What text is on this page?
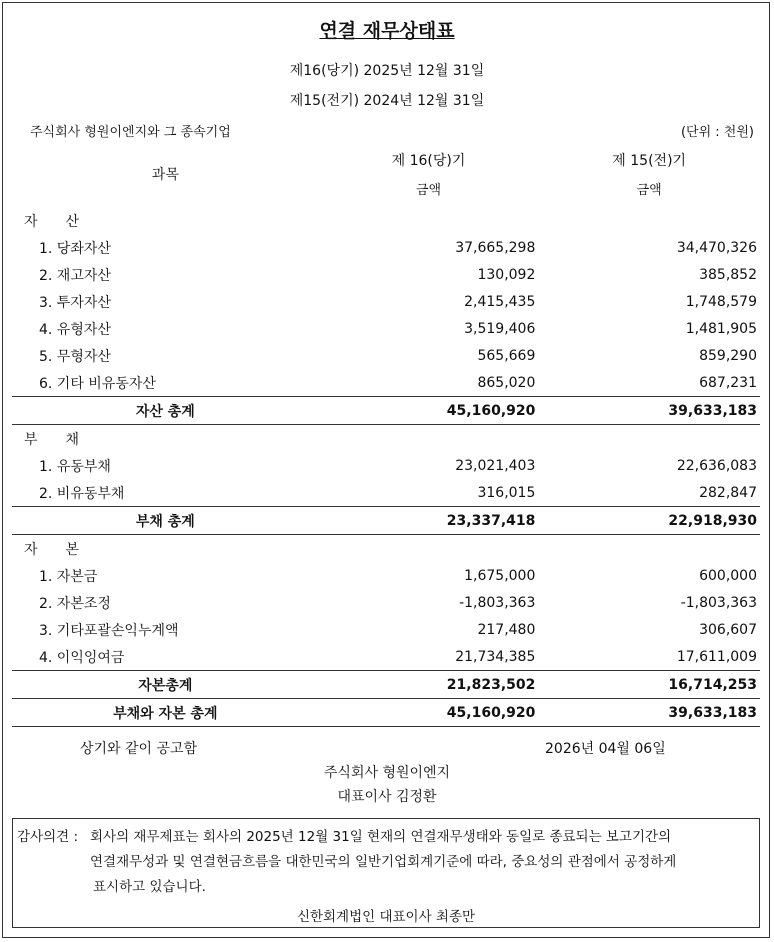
연결 재무상태표
제16(당기) 2025년 12월 31일
제15(전기) 2024년 12월 31일
주식회사 형원이엔지와 그 종속기업	(단위 : 천원)
과목	제 16(당)기	제 15(전)기
	금액	금액
자　　산		
1. 당좌자산	37,665,298	34,470,326
2. 재고자산	130,092	385,852
3. 투자자산	2,415,435	1,748,579
4. 유형자산	3,519,406	1,481,905
5. 무형자산	565,669	859,290
6. 기타 비유동자산	865,020	687,231
자산 총계	45,160,920	39,633,183
부　　채		
1. 유동부채	23,021,403	22,636,083
2. 비유동부채	316,015	282,847
부채 총계	23,337,418	22,918,930
자　　본		
1. 자본금	1,675,000	600,000
2. 자본조정	-1,803,363	-1,803,363
3. 기타포괄손익누계액	217,480	306,607
4. 이익잉여금	21,734,385	17,611,009
자본총계	21,823,502	16,714,253
부채와 자본 총계	45,160,920	39,633,183
상기와 같이 공고함	2026년 04월 06일
주식회사 형원이엔지
대표이사 김정환
감사의견 : 회사의 재무제표는 회사의 2025년 12월 31일 현재의 연결재무생태와 동일로 종료되는 보고기간의
연결재무성과 및 연결현금흐름을 대한민국의 일반기업회계기준에 따라, 중요성의 관점에서 공정하게
표시하고 있습니다.
신한회계법인 대표이사 최종만
